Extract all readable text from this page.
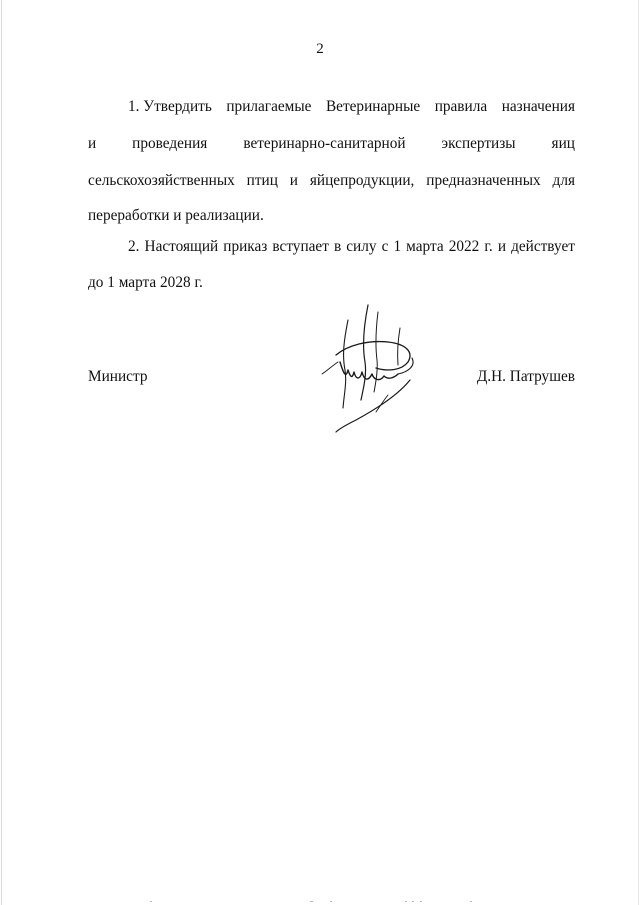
2
1. Утвердить прилагаемые Ветеринарные правила назначения
и проведения ветеринарно-санитарной экспертизы яиц
сельскохозяйственных птиц и яйцепродукции, предназначенных для
переработки и реализации.
2. Настоящий приказ вступает в силу с 1 марта 2022 г. и действует
до 1 марта 2028 г.
Министр	Д.Н. Патрушев
